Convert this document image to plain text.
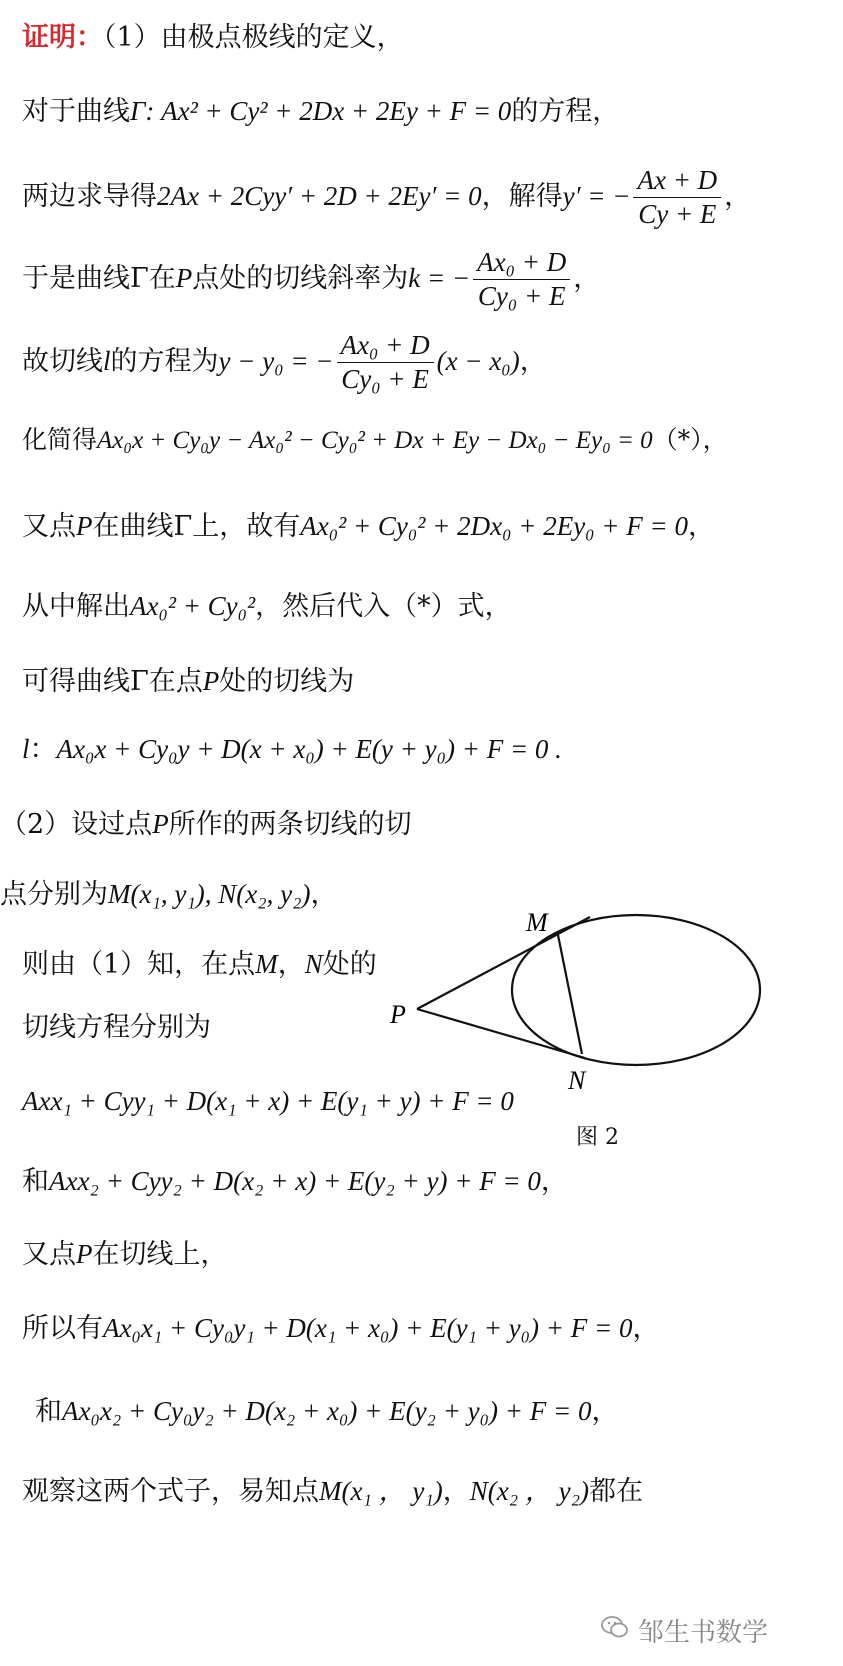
证明：（1）由极点极线的定义，
对于曲线Γ: Ax² + Cy² + 2Dx + 2Ey + F = 0的方程，
两边求导得2Ax + 2Cyy′ + 2D + 2Ey′ = 0，解得y′ = − $\frac{Ax + D}{Cy + E}$ ，
于是曲线Γ在P点处的切线斜率为k = − $\frac{\text{Ax₀ + D}}{\text{Cy₀ + E}}$ ，
故切线l的方程为y − y₀ = − $\frac{\text{Ax₀ + D}}{\text{Cy₀ + E}} (x - x_0)$，
化简得Ax₀x + Cy₀y − Ax₀² − Cy₀² + Dx + Ey − Dx₀ − Ey₀ = 0（*），
又点P在曲线Γ上，故有Ax₀² + Cy₀² + 2Dx₀ + 2Ey₀ + F = 0，
从中解出Ax₀² + Cy₀²，然后代入（*）式，
可得曲线Γ在点P处的切线为
l：Ax₀x + Cy₀y + D(x + x₀) + E(y + y₀) + F = 0 .
（2）设过点P所作的两条切线的切
点分别为M(x₁, y₁), N(x₂, y₂)，
则由（1）知，在点M，N处的
切线方程分别为
Axx₁ + Cyy₁ + D(x₁ + x) + E(y₁ + y) + F = 0
和Axx₂ + Cyy₂ + D(x₂ + x) + E(y₂ + y) + F = 0，
又点P在切线上，
所以有Ax₀x₁ + Cy₀y₁ + D(x₁ + x₀) + E(y₁ + y₀) + F = 0，
和Ax₀x₂ + Cy₀y₂ + D(x₂ + x₀) + E(y₂ + y₀) + F = 0，
观察这两个式子，易知点M(x₁ ， y₁)，N(x₂ ， y₂)都在
M
P
N
图 2
邹生书数学
